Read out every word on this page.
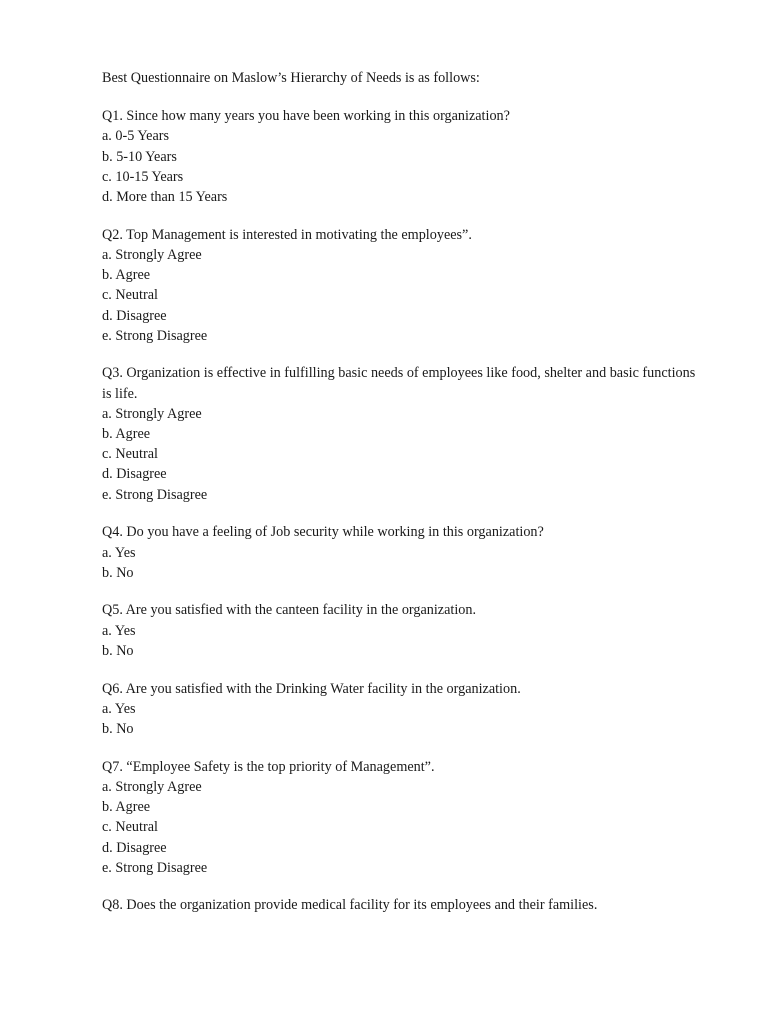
Best Questionnaire on Maslow’s Hierarchy of Needs is as follows:

Q1. Since how many years you have been working in this organization?

a. 0-5 Years

b. 5-10 Years

c. 10-15 Years

d. More than 15 Years

Q2. Top Management is interested in motivating the employees”.

a. Strongly Agree

b. Agree

c. Neutral

d. Disagree

e. Strong Disagree

Q3. Organization is effective in fulfilling basic needs of employees like food, shelter and basic functions is life.

a. Strongly Agree

b. Agree

c. Neutral

d. Disagree

e. Strong Disagree

Q4. Do you have a feeling of Job security while working in this organization?

a. Yes

b. No

Q5. Are you satisfied with the canteen facility in the organization.

a. Yes

b. No

Q6. Are you satisfied with the Drinking Water facility in the organization.

a. Yes

b. No

Q7. “Employee Safety is the top priority of Management”.

a. Strongly Agree

b. Agree

c. Neutral

d. Disagree

e. Strong Disagree

Q8. Does the organization provide medical facility for its employees and their families.
